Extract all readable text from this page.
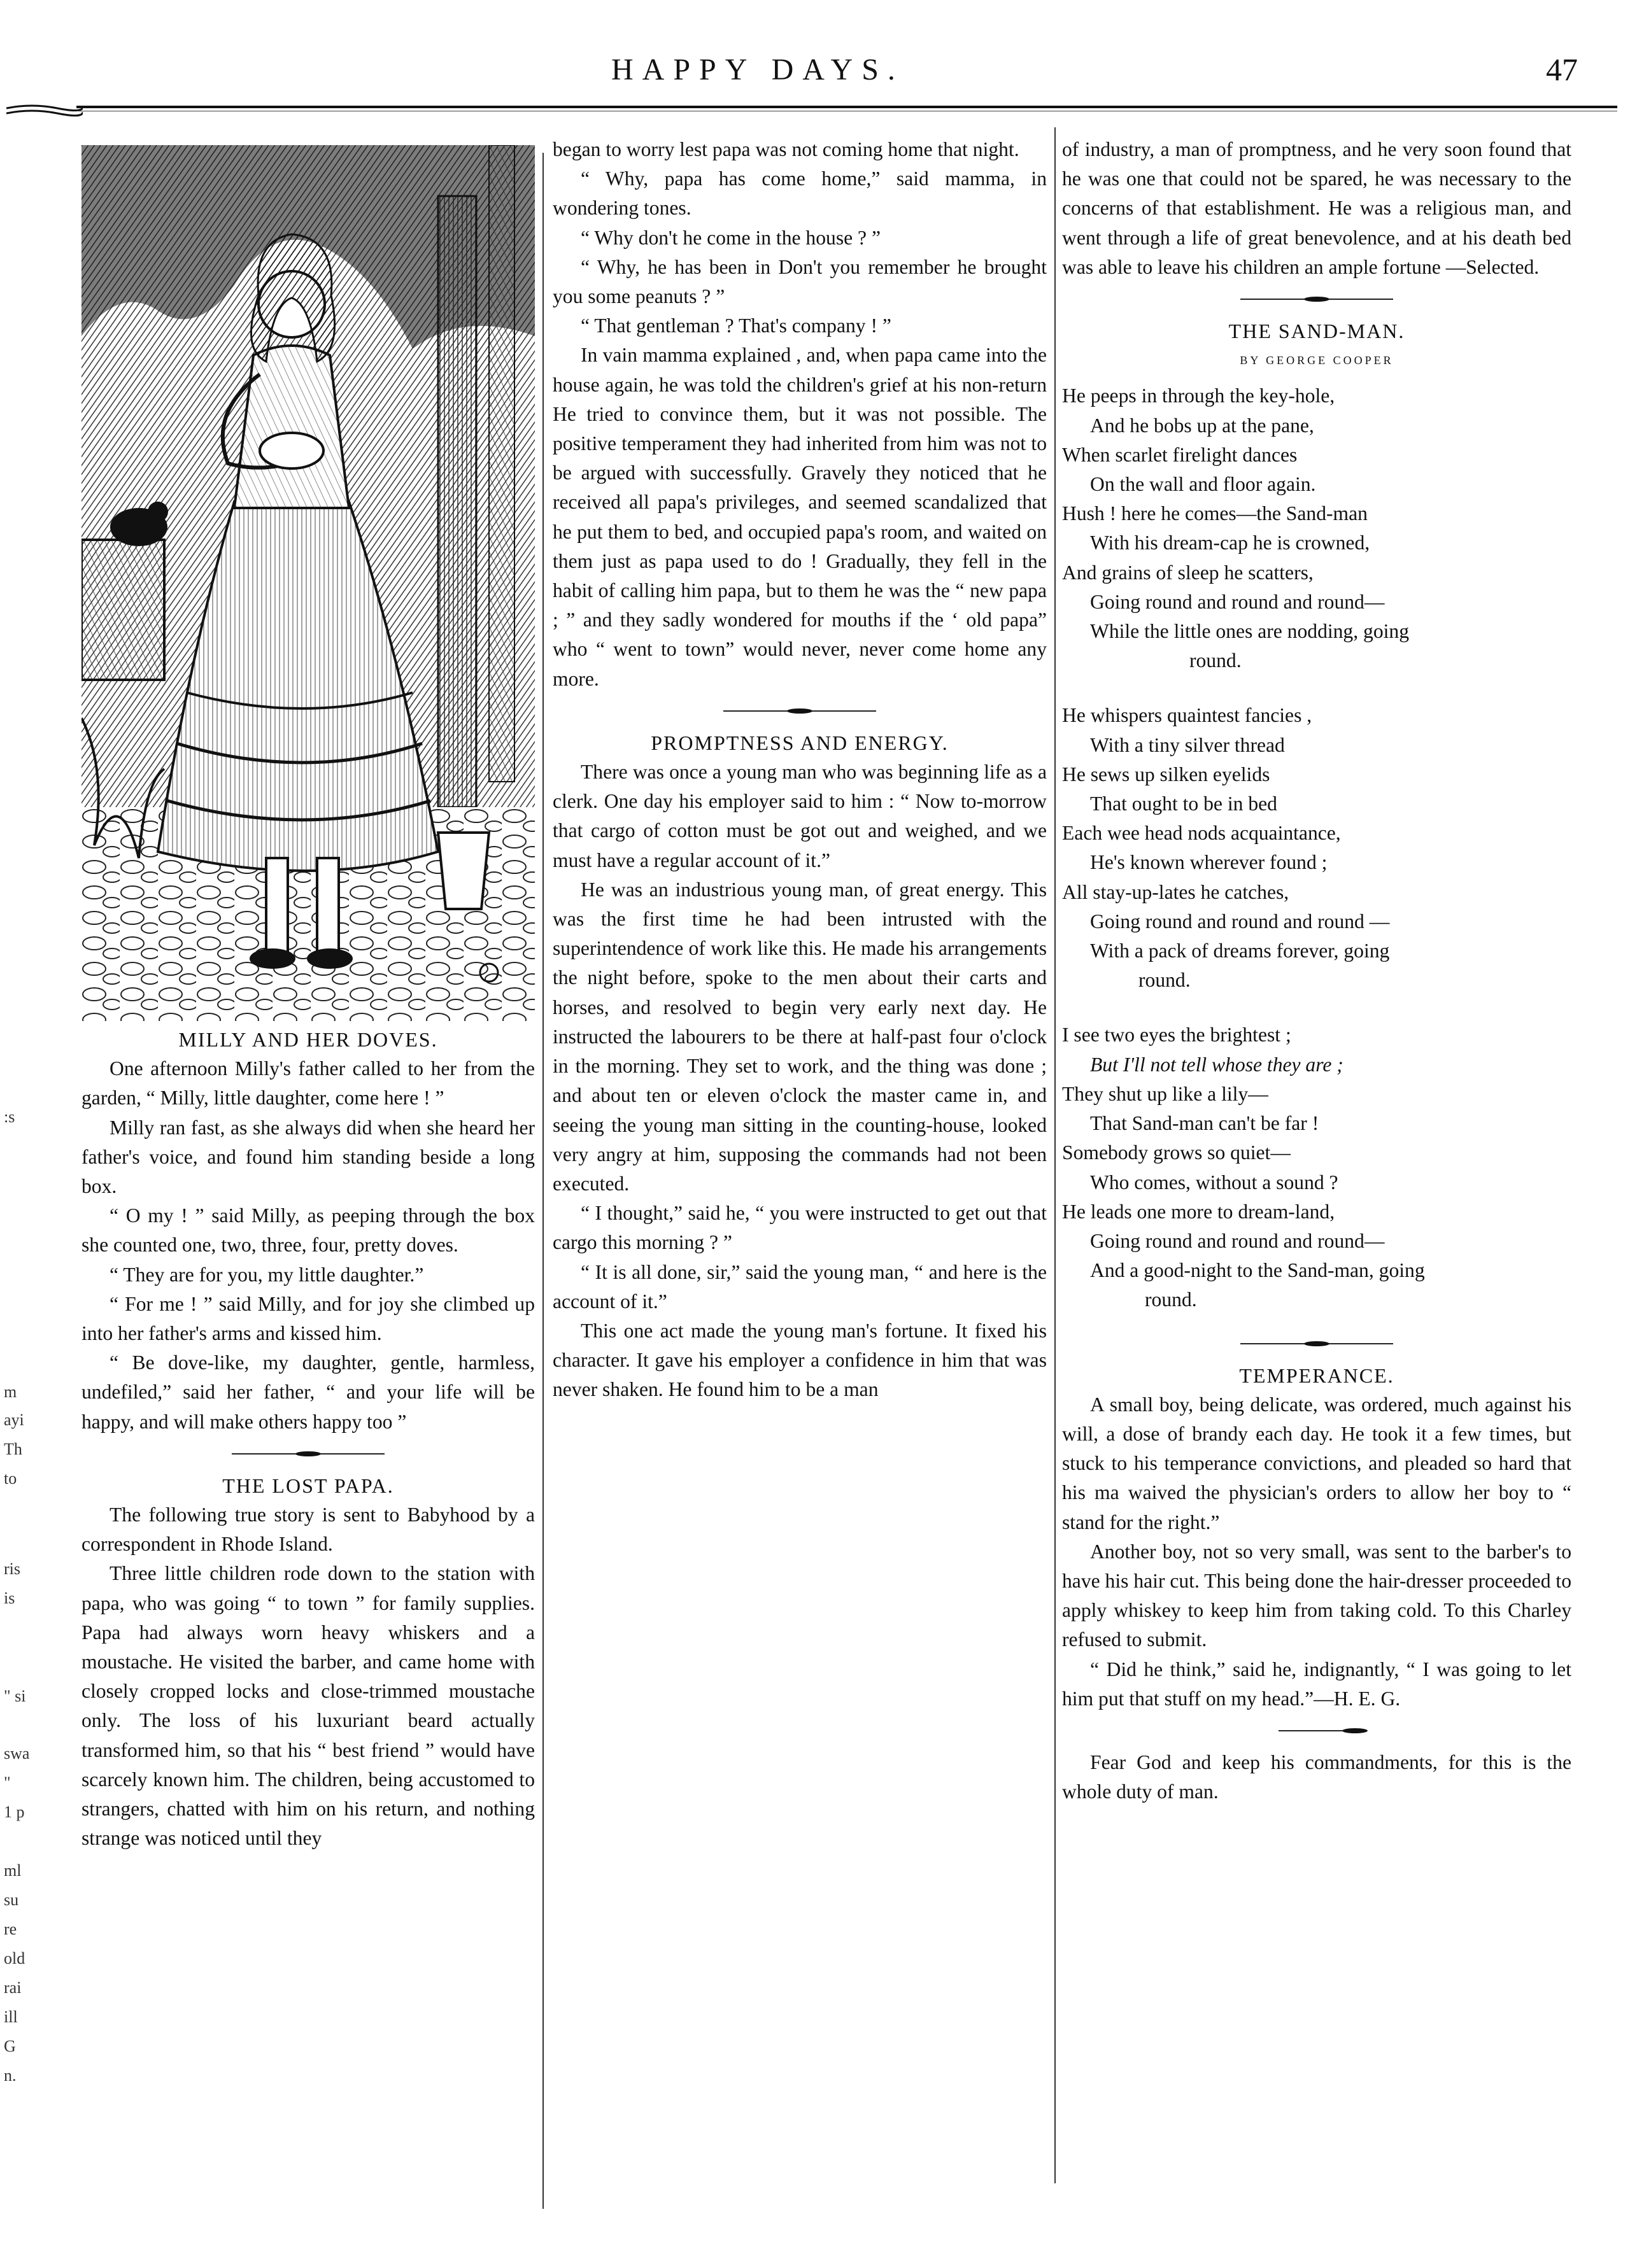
HAPPY DAYS.	47
:s
m
ayi
Th
to
ris
is
" si
swa
"
1 p
ml
su
re
old
rai
ill
G
n.

MILLY AND HER DOVES.

One afternoon Milly's father called to her from the garden, “ Milly, little daughter, come here ! ”

Milly ran fast, as she always did when she heard her father's voice, and found him standing beside a long box.

“ O my ! ” said Milly, as peeping through the box she counted one, two, three, four, pretty doves.

“ They are for you, my little daughter.”

“ For me ! ” said Milly, and for joy she climbed up into her father's arms and kissed him.

“ Be dove-like, my daughter, gentle, harmless, undefiled,” said her father, “ and your life will be happy, and will make others happy too ”

THE LOST PAPA.

The following true story is sent to Babyhood by a correspondent in Rhode Island.

Three little children rode down to the station with papa, who was going “ to town ” for family supplies. Papa had always worn heavy whiskers and a moustache. He visited the barber, and came home with closely cropped locks and close-trimmed moustache only. The loss of his luxuriant beard actually transformed him, so that his “ best friend ” would have scarcely known him. The children, being accustomed to strangers, chatted with him on his return, and nothing strange was noticed until they

began to worry lest papa was not coming home that night.

“ Why, papa has come home,” said mamma, in wondering tones.

“ Why don't he come in the house ? ”

“ Why, he has been in Don't you remember he brought you some peanuts ? ”

“ That gentleman ? That's company ! ”

In vain mamma explained , and, when papa came into the house again, he was told the children's grief at his non-return He tried to convince them, but it was not possible. The positive temperament they had inherited from him was not to be argued with successfully. Gravely they noticed that he received all papa's privileges, and seemed scandalized that he put them to bed, and occupied papa's room, and waited on them just as papa used to do ! Gradually, they fell in the habit of calling him papa, but to them he was the “ new papa ; ” and they sadly wondered for mouths if the ‘ old papa” who “ went to town” would never, never come home any more.

PROMPTNESS AND ENERGY.

There was once a young man who was beginning life as a clerk. One day his employer said to him : “ Now to-morrow that cargo of cotton must be got out and weighed, and we must have a regular account of it.”

He was an industrious young man, of great energy. This was the first time he had been intrusted with the superintendence of work like this. He made his arrangements the night before, spoke to the men about their carts and horses, and resolved to begin very early next day. He instructed the labourers to be there at half-past four o'clock in the morning. They set to work, and the thing was done ; and about ten or eleven o'clock the master came in, and seeing the young man sitting in the counting-house, looked very angry at him, supposing the commands had not been executed.

“ I thought,” said he, “ you were instructed to get out that cargo this morning ? ”

“ It is all done, sir,” said the young man, “ and here is the account of it.”

This one act made the young man's fortune. It fixed his character. It gave his employer a confidence in him that was never shaken. He found him to be a man

of industry, a man of promptness, and he very soon found that he was one that could not be spared, he was necessary to the concerns of that establishment. He was a religious man, and went through a life of great benevolence, and at his death bed was able to leave his children an ample fortune —Selected.

THE SAND-MAN.

BY GEORGE COOPER

He peeps in through the key-hole,
And he bobs up at the pane,
When scarlet firelight dances
On the wall and floor again.
Hush ! here he comes—the Sand-man
With his dream-cap he is crowned,
And grains of sleep he scatters,
Going round and round and round—
While the little ones are nodding, going
round.
He whispers quaintest fancies ,
With a tiny silver thread
He sews up silken eyelids
That ought to be in bed
Each wee head nods acquaintance,
He's known wherever found ;
All stay-up-lates he catches,
Going round and round and round —
With a pack of dreams forever, going
round.
I see two eyes the brightest ;
But I'll not tell whose they are ;
They shut up like a lily—
That Sand-man can't be far !
Somebody grows so quiet—
Who comes, without a sound ?
He leads one more to dream-land,
Going round and round and round—
And a good-night to the Sand-man, going
round.

TEMPERANCE.

A small boy, being delicate, was ordered, much against his will, a dose of brandy each day. He took it a few times, but stuck to his temperance convictions, and pleaded so hard that his ma waived the physician's orders to allow her boy to “ stand for the right.”

Another boy, not so very small, was sent to the barber's to have his hair cut. This being done the hair-dresser proceeded to apply whiskey to keep him from taking cold. To this Charley refused to submit.

“ Did he think,” said he, indignantly, “ I was going to let him put that stuff on my head.”—H. E. G.

Fear God and keep his commandments, for this is the whole duty of man.
